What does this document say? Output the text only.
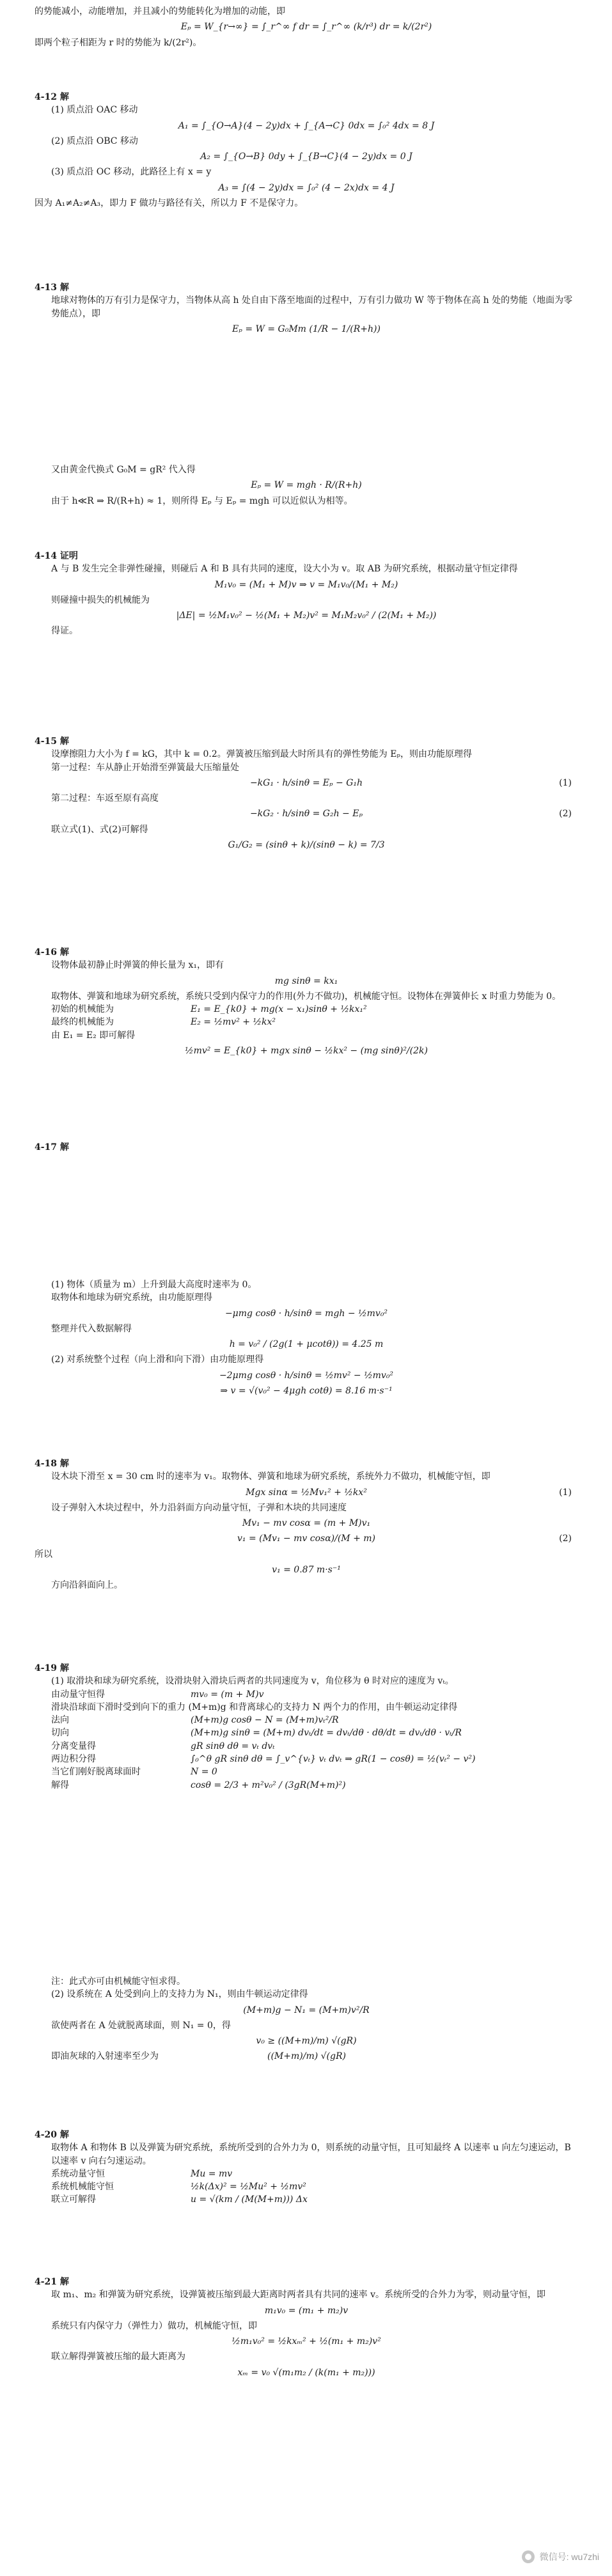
的势能减小，动能增加，并且减小的势能转化为增加的动能，即

Eₚ = W_{r→∞} = ∫_r^∞ f dr = ∫_r^∞ (k/r³) dr = k/(2r²)

即两个粒子相距为 r 时的势能为 k/(2r²)。

4-12 解

(1) 质点沿 OAC 移动

A₁ = ∫_{O→A}(4 − 2y)dx + ∫_{A→C} 0dx = ∫₀² 4dx = 8 J

(2) 质点沿 OBC 移动

A₂ = ∫_{O→B} 0dy + ∫_{B→C}(4 − 2y)dx = 0 J

(3) 质点沿 OC 移动，此路径上有 x = y

A₃ = ∫(4 − 2y)dx = ∫₀² (4 − 2x)dx = 4 J

因为 A₁≠A₂≠A₃，即力 F 做功与路径有关，所以力 F 不是保守力。

4-13 解

地球对物体的万有引力是保守力，当物体从高 h 处自由下落至地面的过程中，万有引力做功 W 等于物体在高 h 处的势能（地面为零势能点），即

Eₚ = W = G₀Mm (1/R − 1/(R+h))

又由黄金代换式 G₀M = gR² 代入得

Eₚ = W = mgh · R/(R+h)

由于 h≪R ⇒ R/(R+h) ≈ 1，则所得 Eₚ 与 Eₚ = mgh 可以近似认为相等。

4-14 证明

A 与 B 发生完全非弹性碰撞，则碰后 A 和 B 具有共同的速度，设大小为 v。取 AB 为研究系统，根据动量守恒定律得

M₁v₀ = (M₁ + M)v ⇒ v = M₁v₀/(M₁ + M₂)

则碰撞中损失的机械能为

|ΔE| = ½M₁v₀² − ½(M₁ + M₂)v² = M₁M₂v₀² / (2(M₁ + M₂))

得证。

4-15 解

设摩擦阻力大小为 f = kG，其中 k = 0.2。弹簧被压缩到最大时所具有的弹性势能为 Eₚ，则由功能原理得

第一过程：车从静止开始滑至弹簧最大压缩量处

−kG₁ · h/sinθ = Eₚ − G₁h	(1)

第二过程：车返至原有高度

−kG₂ · h/sinθ = G₂h − Eₚ	(2)

联立式(1)、式(2)可解得

G₁/G₂ = (sinθ + k)/(sinθ − k) = 7/3

4-16 解

设物体最初静止时弹簧的伸长量为 x₁，即有

mg sinθ = kx₁

取物体、弹簧和地球为研究系统，系统只受到内保守力的作用(外力不做功)，机械能守恒。设物体在弹簧伸长 x 时重力势能为 0。

初始的机械能为	E₁ = E_{k0} + mg(x − x₁)sinθ + ½kx₁²
最终的机械能为	E₂ = ½mv² + ½kx²

由 E₁ = E₂ 即可解得

½mv² = E_{k0} + mgx sinθ − ½kx² − (mg sinθ)²/(2k)

4-17 解

(1) 物体（质量为 m）上升到最大高度时速率为 0。

取物体和地球为研究系统，由功能原理得

−μmg cosθ · h/sinθ = mgh − ½mv₀²

整理并代入数据解得

h = v₀² / (2g(1 + μcotθ)) = 4.25 m

(2) 对系统整个过程（向上滑和向下滑）由功能原理得

−2μmg cosθ · h/sinθ = ½mv² − ½mv₀²

⇒ v = √(v₀² − 4μgh cotθ) = 8.16 m·s⁻¹

4-18 解

设木块下滑至 x = 30 cm 时的速率为 v₁。取物体、弹簧和地球为研究系统，系统外力不做功，机械能守恒，即

Mgx sinα = ½Mv₁² + ½kx²	(1)

设子弹射入木块过程中，外力沿斜面方向动量守恒，子弹和木块的共同速度

Mv₁ − mv cosα = (m + M)v₁

v₁ = (Mv₁ − mv cosα)/(M + m)	(2)

所以

v₁ = 0.87 m·s⁻¹

方向沿斜面向上。

4-19 解

(1) 取滑块和球为研究系统，设滑块射入滑块后两者的共同速度为 v，角位移为 θ 时对应的速度为 vₜ。

由动量守恒得	mv₀ = (m + M)v

滑块沿球面下滑时受到向下的重力 (M+m)g 和背离球心的支持力 N 两个力的作用，由牛顿运动定律得

法向	(M+m)g cosθ − N = (M+m)vₜ²/R
切向	(M+m)g sinθ = (M+m) dvₜ/dt = dvₜ/dθ · dθ/dt = dvₜ/dθ · vₜ/R
分离变量得	gR sinθ dθ = vₜ dvₜ
两边积分得	∫₀^θ gR sinθ dθ = ∫_v^{vₜ} vₜ dvₜ ⇒ gR(1 − cosθ) = ½(vₜ² − v²)
当它们刚好脱离球面时	N = 0
解得	cosθ = 2/3 + m²v₀² / (3gR(M+m)²)

注：此式亦可由机械能守恒求得。

(2) 设系统在 A 处受到向上的支持力为 N₁，则由牛顿运动定律得

(M+m)g − N₁ = (M+m)v²/R

欲使两者在 A 处就脱离球面，则 N₁ = 0，得

v₀ ≥ ((M+m)/m) √(gR)

即油灰球的入射速率至少为	((M+m)/m) √(gR)

4-20 解

取物体 A 和物体 B 以及弹簧为研究系统，系统所受到的合外力为 0，则系统的动量守恒，且可知最终 A 以速率 u 向左匀速运动，B 以速率 v 向右匀速运动。

系统动量守恒	Mu = mv
系统机械能守恒	½k(Δx)² = ½Mu² + ½mv²
联立可解得	u = √(km / (M(M+m))) Δx

4-21 解

取 m₁、m₂ 和弹簧为研究系统，设弹簧被压缩到最大距离时两者具有共同的速率 v。系统所受的合外力为零，则动量守恒，即

m₁v₀ = (m₁ + m₂)v

系统只有内保守力（弹性力）做功，机械能守恒，即

½m₁v₀² = ½kxₘ² + ½(m₁ + m₂)v²

联立解得弹簧被压缩的最大距离为

xₘ = v₀ √(m₁m₂ / (k(m₁ + m₂)))

微信号: wu7zhi
